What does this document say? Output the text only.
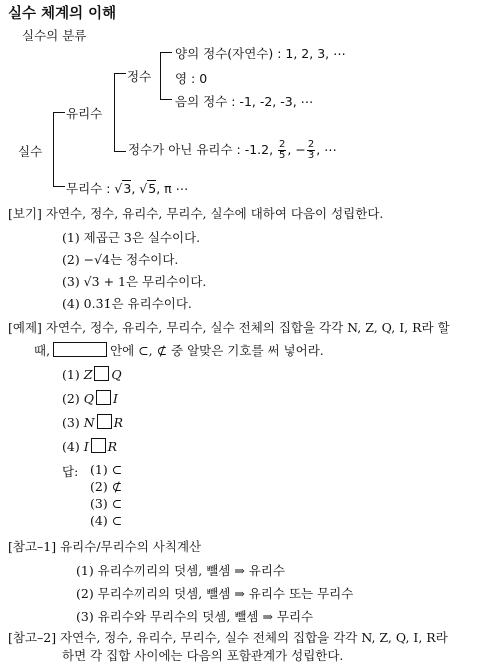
실수 체계의 이해
실수의 분류
실수
유리수
정수
양의 정수(자연수) : 1, 2, 3, ⋯
영 : 0
음의 정수 : -1, -2, -3, ⋯
정수가 아닌 유리수 : -1.2, $\frac{2}{5}$ , − $\frac{2}{3}$ , ⋯
무리수 : √3, √5, π ⋯
[보기] 자연수, 정수, 유리수, 무리수, 실수에 대하여 다음이 성립한다.
(1) 제곱근 3은 실수이다.
(2) −√4는 정수이다.
(3) √3 + 1은 무리수이다.
(4) 0.3̇1̇은 유리수이다.
[예제] 자연수, 정수, 유리수, 무리수, 실수 전체의 집합을 각각 N, Z, Q, I, R라 할
때,	안에 ⊂, ⊄ 중 알맞은 기호를 써 넣어라.
(1) Z Q
(2) Q I
(3) N R
(4) I R
답: (1) ⊂
(2) ⊄
(3) ⊂
(4) ⊂
[참고–1] 유리수/무리수의 사칙계산
(1) 유리수끼리의 덧셈, 뺄셈 ⇒ 유리수
(2) 무리수끼리의 덧셈, 뺄셈 ⇒ 유리수 또는 무리수
(3) 유리수와 무리수의 덧셈, 뺄셈 ⇒ 무리수
[참고–2] 자연수, 정수, 유리수, 무리수, 실수 전체의 집합을 각각 N, Z, Q, I, R라
하면 각 집합 사이에는 다음의 포함관계가 성립한다.
